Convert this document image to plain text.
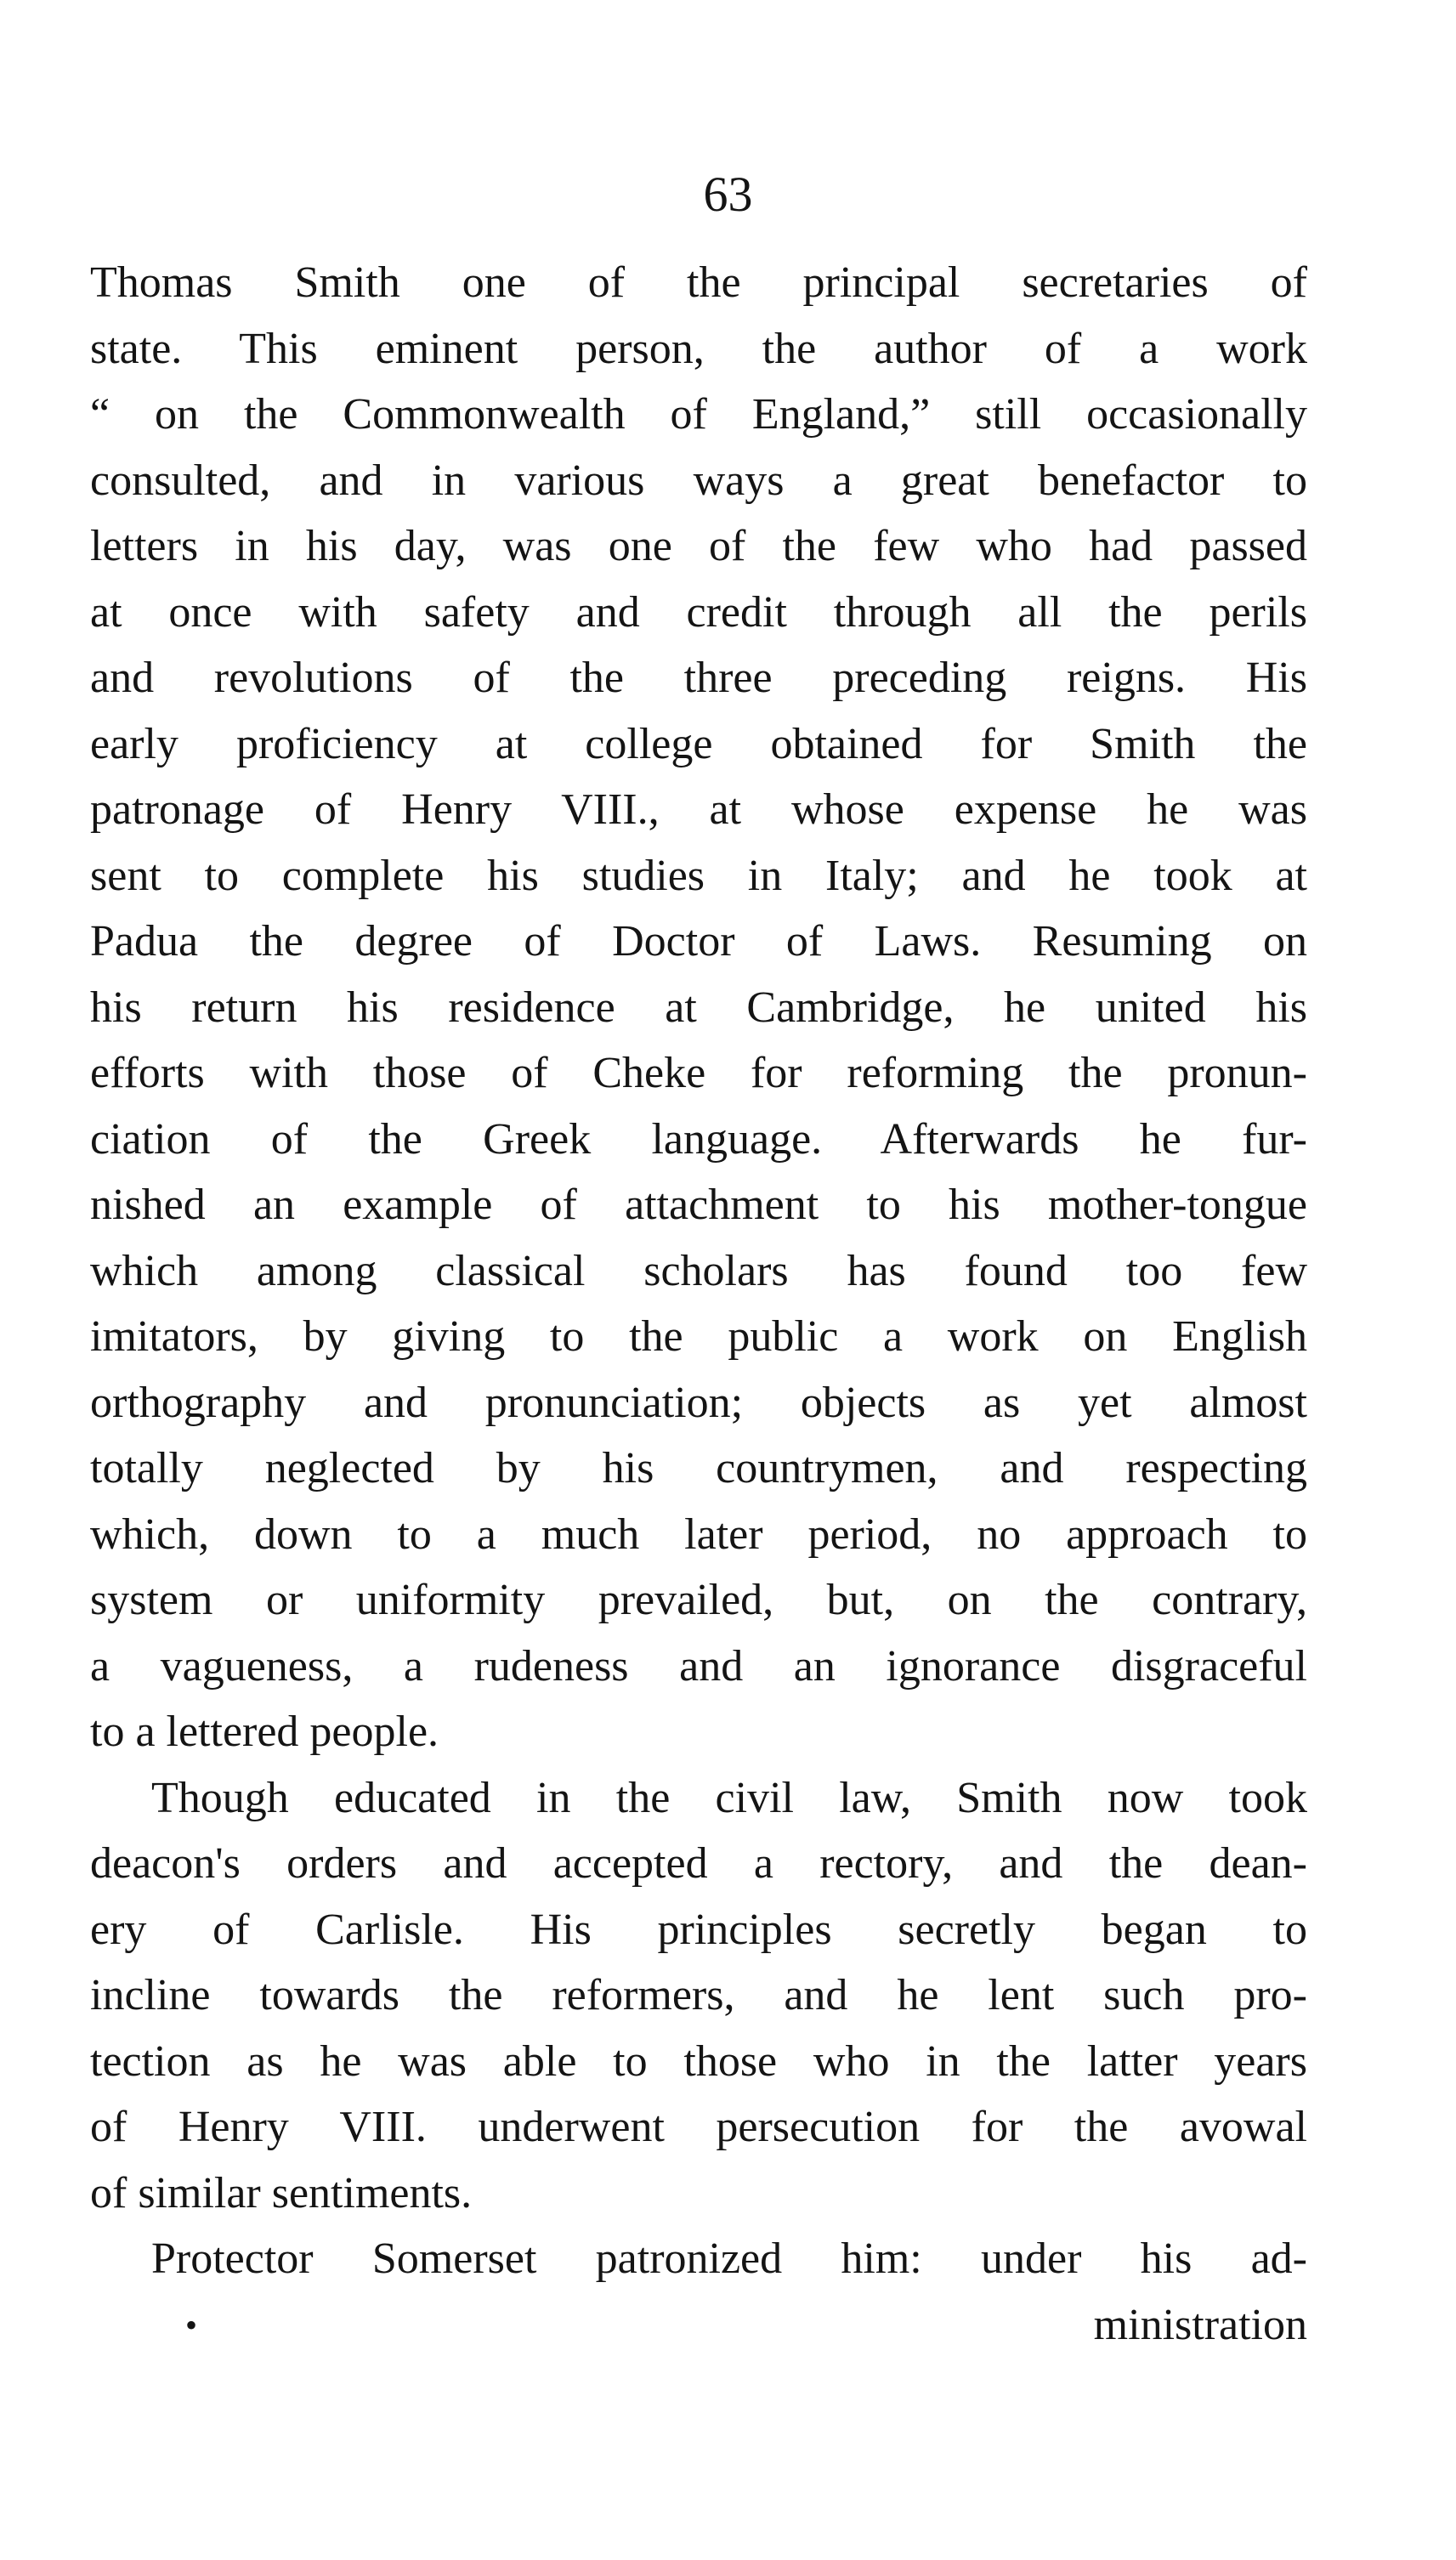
63
Thomas Smith one of the principal secretaries of
state. This eminent person, the author of a work
“ on the Commonwealth of England,” still occasionally
consulted, and in various ways a great benefactor to
letters in his day, was one of the few who had passed
at once with safety and credit through all the perils
and revolutions of the three preceding reigns. His
early proficiency at college obtained for Smith the
patronage of Henry VIII., at whose expense he was
sent to complete his studies in Italy; and he took at
Padua the degree of Doctor of Laws. Resuming on
his return his residence at Cambridge, he united his
efforts with those of Cheke for reforming the pronun-
ciation of the Greek language. Afterwards he fur-
nished an example of attachment to his mother-tongue
which among classical scholars has found too few
imitators, by giving to the public a work on English
orthography and pronunciation; objects as yet almost
totally neglected by his countrymen, and respecting
which, down to a much later period, no approach to
system or uniformity prevailed, but, on the contrary,
a vagueness, a rudeness and an ignorance disgraceful
to a lettered people.
Though educated in the civil law, Smith now took
deacon's orders and accepted a rectory, and the dean-
ery of Carlisle. His principles secretly began to
incline towards the reformers, and he lent such pro-
tection as he was able to those who in the latter years
of Henry VIII. underwent persecution for the avowal
of similar sentiments.
Protector Somerset patronized him: under his ad-
•	ministration
